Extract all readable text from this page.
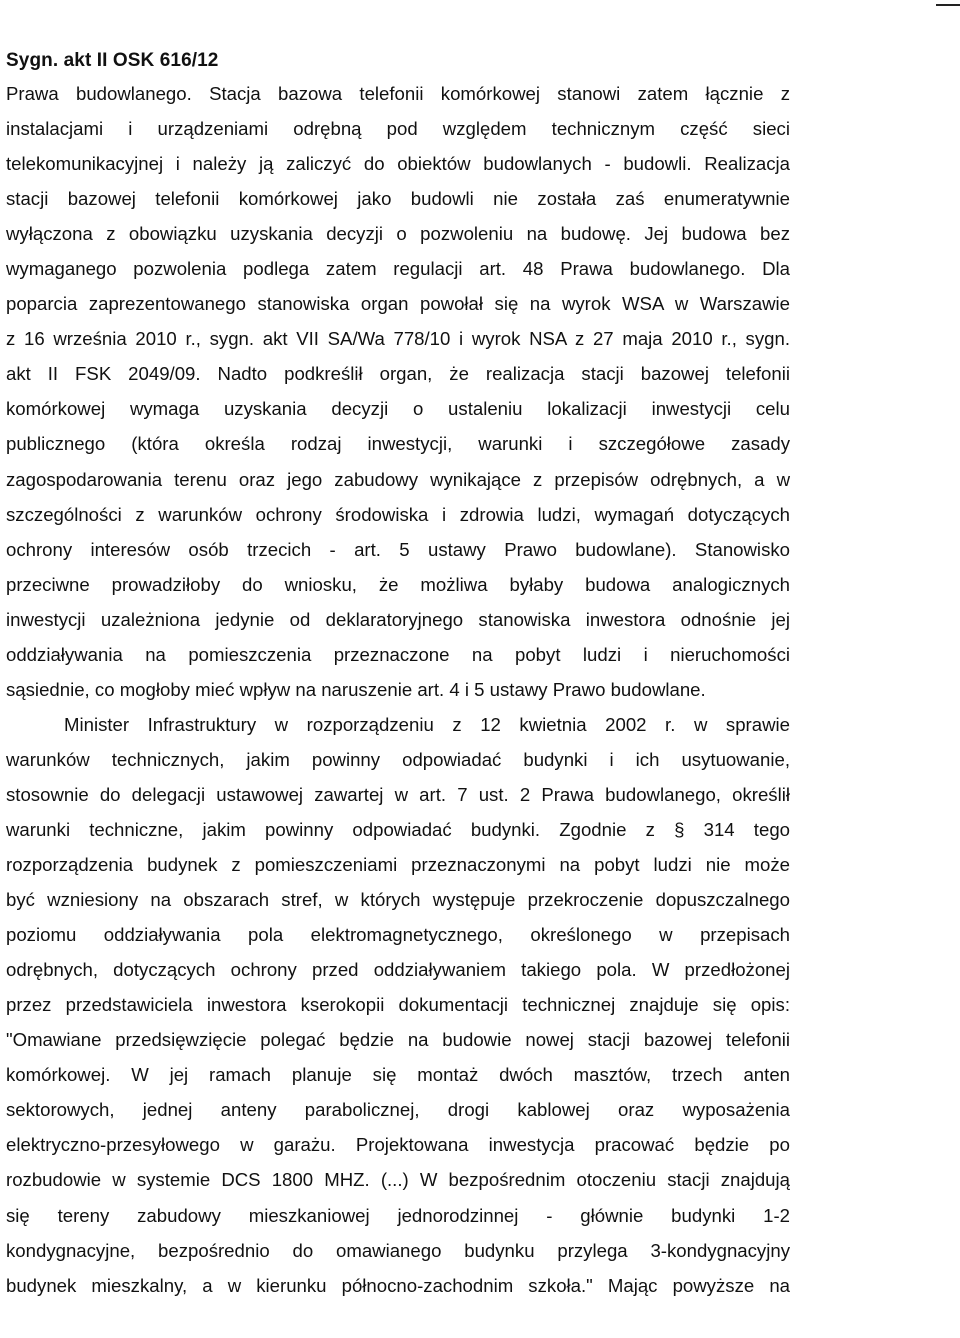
Sygn. akt II OSK 616/12
Prawa budowlanego. Stacja bazowa telefonii komórkowej stanowi zatem łącznie z
instalacjami i urządzeniami odrębną pod względem technicznym część sieci
telekomunikacyjnej i należy ją zaliczyć do obiektów budowlanych - budowli. Realizacja
stacji bazowej telefonii komórkowej jako budowli nie została zaś enumeratywnie
wyłączona z obowiązku uzyskania decyzji o pozwoleniu na budowę. Jej budowa bez
wymaganego pozwolenia podlega zatem regulacji art. 48 Prawa budowlanego. Dla
poparcia zaprezentowanego stanowiska organ powołał się na wyrok WSA w Warszawie
z 16 września 2010 r., sygn. akt VII SA/Wa 778/10 i wyrok NSA z 27 maja 2010 r., sygn.
akt II FSK 2049/09. Nadto podkreślił organ, że realizacja stacji bazowej telefonii
komórkowej wymaga uzyskania decyzji o ustaleniu lokalizacji inwestycji celu
publicznego (która określa rodzaj inwestycji, warunki i szczegółowe zasady
zagospodarowania terenu oraz jego zabudowy wynikające z przepisów odrębnych, a w
szczególności z warunków ochrony środowiska i zdrowia ludzi, wymagań dotyczących
ochrony interesów osób trzecich - art. 5 ustawy Prawo budowlane). Stanowisko
przeciwne prowadziłoby do wniosku, że możliwa byłaby budowa analogicznych
inwestycji uzależniona jedynie od deklaratoryjnego stanowiska inwestora odnośnie jej
oddziaływania na pomieszczenia przeznaczone na pobyt ludzi i nieruchomości
sąsiednie, co mogłoby mieć wpływ na naruszenie art. 4 i 5 ustawy Prawo budowlane.
Minister Infrastruktury w rozporządzeniu z 12 kwietnia 2002 r. w sprawie
warunków technicznych, jakim powinny odpowiadać budynki i ich usytuowanie,
stosownie do delegacji ustawowej zawartej w art. 7 ust. 2 Prawa budowlanego, określił
warunki techniczne, jakim powinny odpowiadać budynki. Zgodnie z § 314 tego
rozporządzenia budynek z pomieszczeniami przeznaczonymi na pobyt ludzi nie może
być wzniesiony na obszarach stref, w których występuje przekroczenie dopuszczalnego
poziomu oddziaływania pola elektromagnetycznego, określonego w przepisach
odrębnych, dotyczących ochrony przed oddziaływaniem takiego pola. W przedłożonej
przez przedstawiciela inwestora kserokopii dokumentacji technicznej znajduje się opis:
"Omawiane przedsięwzięcie polegać będzie na budowie nowej stacji bazowej telefonii
komórkowej. W jej ramach planuje się montaż dwóch masztów, trzech anten
sektorowych, jednej anteny parabolicznej, drogi kablowej oraz wyposażenia
elektryczno-przesyłowego w garażu. Projektowana inwestycja pracować będzie po
rozbudowie w systemie DCS 1800 MHZ. (...) W bezpośrednim otoczeniu stacji znajdują
się tereny zabudowy mieszkaniowej jednorodzinnej - głównie budynki 1-2
kondygnacyjne, bezpośrednio do omawianego budynku przylega 3-kondygnacyjny
budynek mieszkalny, a w kierunku północno-zachodnim szkoła." Mając powyższe na
